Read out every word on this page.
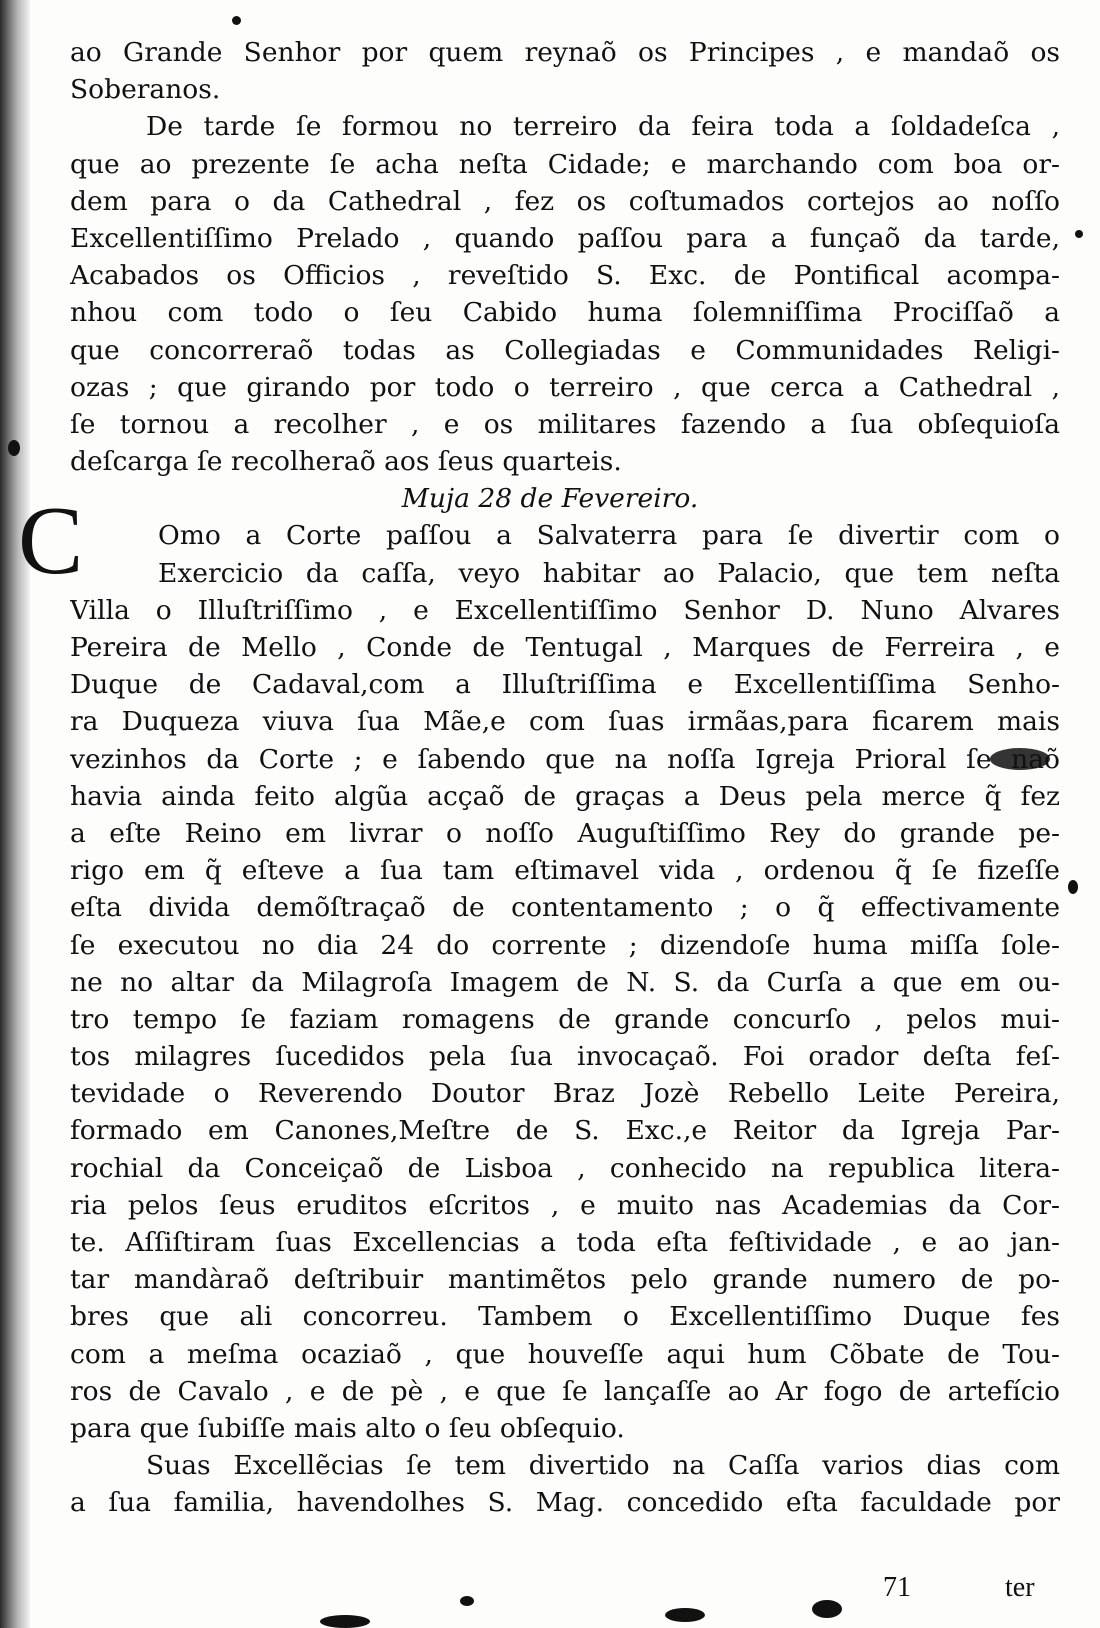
C
ao Grande Senhor por quem reynaõ os Principes , e mandaõ os
Soberanos.
De tarde ſe formou no terreiro da feira toda a ſoldadeſca ,
que ao prezente ſe acha neſta Cidade; e marchando com boa or-
dem para o da Cathedral , fez os coſtumados cortejos ao noſſo
Excellentiſſimo Prelado , quando paſſou para a funçaõ da tarde,
Acabados os Officios , reveſtido S. Exc. de Pontifical acompa-
nhou com todo o ſeu Cabido huma ſolemniſſima Prociſſaõ a
que concorreraõ todas as Collegiadas e Communidades Religi-
ozas ; que girando por todo o terreiro , que cerca a Cathedral ,
ſe tornou a recolher , e os militares fazendo a ſua obſequioſa
deſcarga ſe recolheraõ aos ſeus quarteis.
Muja 28 de Fevereiro.
Omo a Corte paſſou a Salvaterra para ſe divertir com o
Exercicio da caſſa, veyo habitar ao Palacio, que tem neſta
Villa o Illuſtriſſimo , e Excellentiſſimo Senhor D. Nuno Alvares
Pereira de Mello , Conde de Tentugal , Marques de Ferreira , e
Duque de Cadaval,com a Illuſtriſſima e Excellentiſſima Senho-
ra Duqueza viuva ſua Mãe,e com ſuas irmãas,para ficarem mais
vezinhos da Corte ; e ſabendo que na noſſa Igreja Prioral ſe naõ
havia ainda feito algũa acçaõ de graças a Deus pela merce q̃ fez
a eſte Reino em livrar o noſſo Auguſtiſſimo Rey do grande pe-
rigo em q̃ eſteve a ſua tam eſtimavel vida , ordenou q̃ ſe fizeſſe
eſta divida demõſtraçaõ de contentamento ; o q̃ effectivamente
ſe executou no dia 24 do corrente ; dizendoſe huma miſſa ſole-
ne no altar da Milagroſa Imagem de N. S. da Curſa a que em ou-
tro tempo ſe faziam romagens de grande concurſo , pelos mui-
tos milagres ſucedidos pela ſua invocaçaõ. Foi orador deſta feſ-
tevidade o Reverendo Doutor Braz Jozè Rebello Leite Pereira,
formado em Canones,Meſtre de S. Exc.,e Reitor da Igreja Par-
rochial da Conceiçaõ de Lisboa , conhecido na republica litera-
ria pelos ſeus eruditos eſcritos , e muito nas Academias da Cor-
te. Aſſiſtiram ſuas Excellencias a toda eſta feſtividade , e ao jan-
tar mandàraõ deſtribuir mantimẽtos pelo grande numero de po-
bres que ali concorreu. Tambem o Excellentiſſimo Duque fes
com a meſma ocaziaõ , que houveſſe aqui hum Cõbate de Tou-
ros de Cavalo , e de pè , e que ſe lançaſſe ao Ar fogo de artefício
para que ſubiſſe mais alto o ſeu obſequio.
Suas Excellẽcias ſe tem divertido na Caſſa varios dias com
a ſua familia, havendolhes S. Mag. concedido eſta faculdade por
71	ter
